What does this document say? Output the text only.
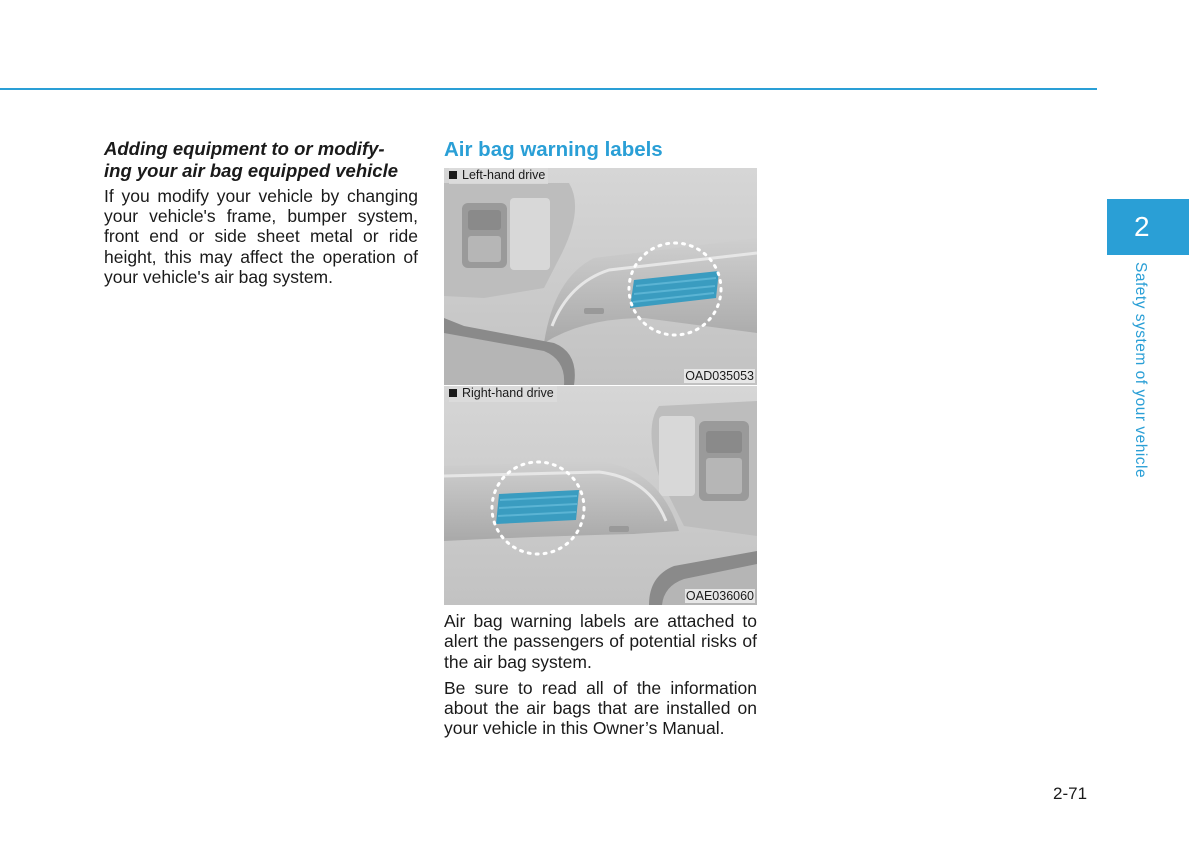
Adding equipment to or modify-
ing your air bag equipped vehicle

If you modify your vehicle by changing your vehicle's frame, bumper system, front end or side sheet metal or ride height, this may affect the operation of your vehicle's air bag system.

Air bag warning labels
Left-hand drive
OAD035053
Right-hand drive
OAE036060

Air bag warning labels are attached to alert the passengers of potential risks of the air bag system.

Be sure to read all of the information about the air bags that are installed on your vehicle in this Owner’s Manual.

2
Safety system of your vehicle
2-71
